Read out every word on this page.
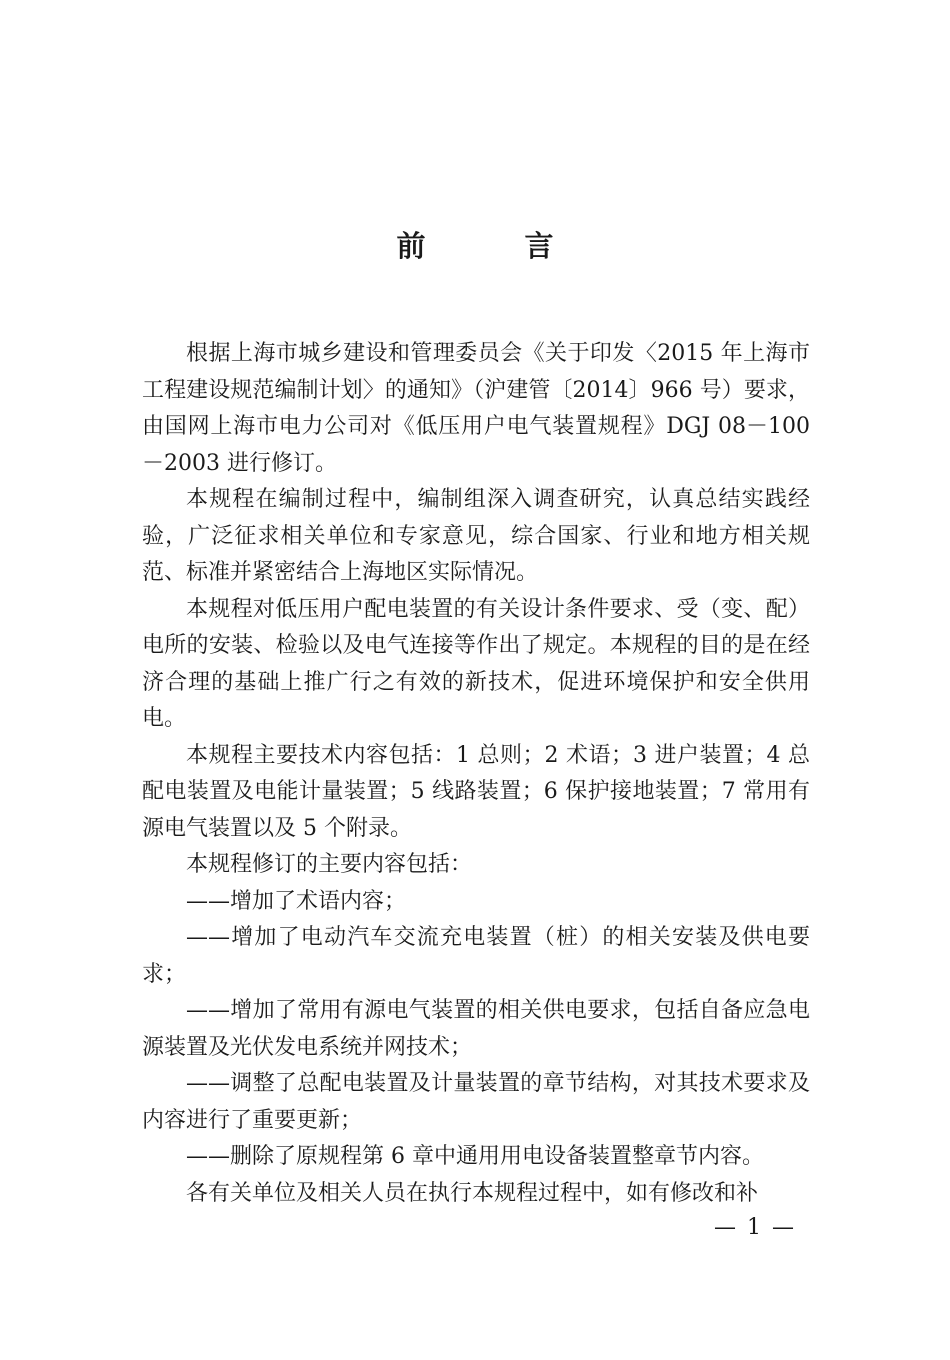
前　言

根据上海市城乡建设和管理委员会《关于印发〈2015 年上海市工程建设规范编制计划〉的通知》（沪建管〔2014〕966 号）要求，由国网上海市电力公司对《低压用户电气装置规程》DGJ 08－100－2003 进行修订。

本规程在编制过程中，编制组深入调查研究，认真总结实践经验，广泛征求相关单位和专家意见，综合国家、行业和地方相关规范、标准并紧密结合上海地区实际情况。

本规程对低压用户配电装置的有关设计条件要求、受（变、配）电所的安装、检验以及电气连接等作出了规定。本规程的目的是在经济合理的基础上推广行之有效的新技术，促进环境保护和安全供用电。

本规程主要技术内容包括：1 总则；2 术语；3 进户装置；4 总配电装置及电能计量装置；5 线路装置；6 保护接地装置；7 常用有源电气装置以及 5 个附录。

本规程修订的主要内容包括：

——增加了术语内容；

——增加了电动汽车交流充电装置（桩）的相关安装及供电要求；

——增加了常用有源电气装置的相关供电要求，包括自备应急电源装置及光伏发电系统并网技术；

——调整了总配电装置及计量装置的章节结构，对其技术要求及内容进行了重要更新；

——删除了原规程第 6 章中通用用电设备装置整章节内容。

各有关单位及相关人员在执行本规程过程中，如有修改和补

— 1 —
